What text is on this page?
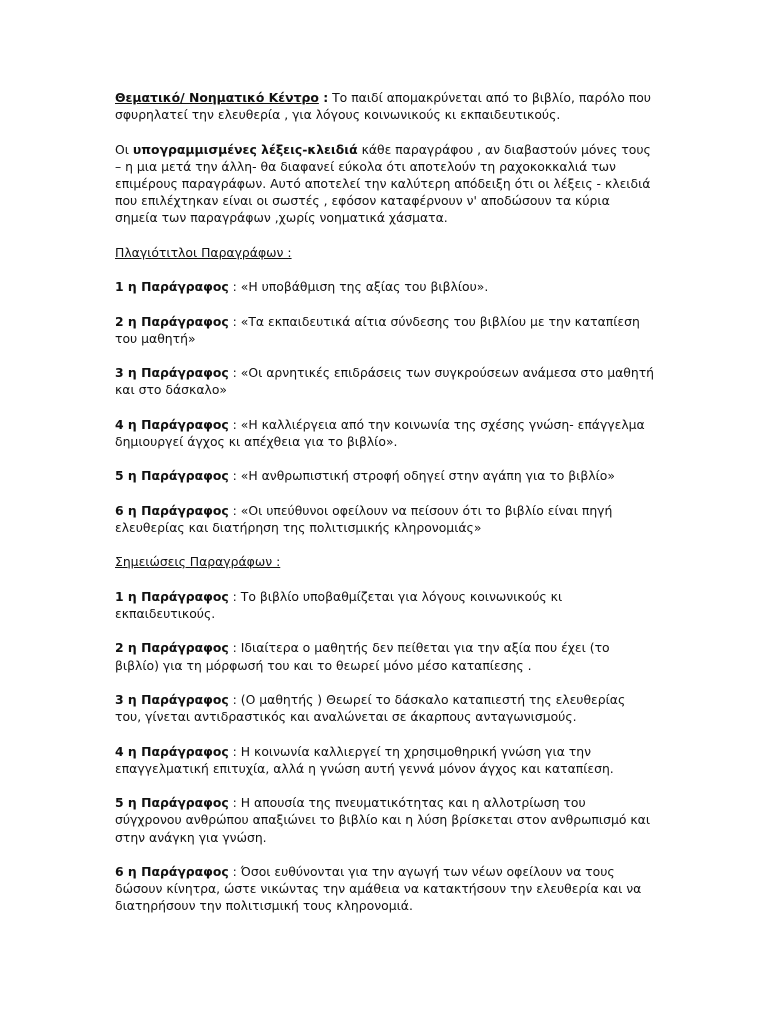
Θεματικό/ Νοηματικό Κέντρο : Το παιδί απομακρύνεται από το βιβλίο, παρόλο που σφυρηλατεί την ελευθερία , για λόγους κοινωνικούς κι εκπαιδευτικούς.

Οι υπογραμμισμένες λέξεις-κλειδιά κάθε παραγράφου , αν διαβαστούν μόνες τους – η μια μετά την άλλη- θα διαφανεί εύκολα ότι αποτελούν τη ραχοκοκκαλιά των επιμέρους παραγράφων. Αυτό αποτελεί την καλύτερη απόδειξη ότι οι λέξεις - κλειδιά που επιλέχτηκαν είναι οι σωστές , εφόσον καταφέρνουν ν' αποδώσουν τα κύρια σημεία των παραγράφων ,χωρίς νοηματικά χάσματα.

Πλαγιότιτλοι Παραγράφων :

1 η Παράγραφος : «Η υποβάθμιση της αξίας του βιβλίου».

2 η Παράγραφος : «Τα εκπαιδευτικά αίτια σύνδεσης του βιβλίου με την καταπίεση του μαθητή»

3 η Παράγραφος : «Οι αρνητικές επιδράσεις των συγκρούσεων ανάμεσα στο μαθητή και στο δάσκαλο»

4 η Παράγραφος : «Η καλλιέργεια από την κοινωνία της σχέσης γνώση- επάγγελμα δημιουργεί άγχος κι απέχθεια για το βιβλίο».

5 η Παράγραφος : «Η ανθρωπιστική στροφή οδηγεί στην αγάπη για το βιβλίο»

6 η Παράγραφος : «Οι υπεύθυνοι οφείλουν να πείσουν ότι το βιβλίο είναι πηγή ελευθερίας και διατήρηση της πολιτισμικής κληρονομιάς»

Σημειώσεις Παραγράφων :

1 η Παράγραφος : Το βιβλίο υποβαθμίζεται για λόγους κοινωνικούς κι εκπαιδευτικούς.

2 η Παράγραφος : Ιδιαίτερα ο μαθητής δεν πείθεται για την αξία που έχει (το βιβλίο) για τη μόρφωσή του και το θεωρεί μόνο μέσο καταπίεσης .

3 η Παράγραφος : (Ο μαθητής ) Θεωρεί το δάσκαλο καταπιεστή της ελευθερίας του, γίνεται αντιδραστικός και αναλώνεται σε άκαρπους ανταγωνισμούς.

4 η Παράγραφος : Η κοινωνία καλλιεργεί τη χρησιμοθηρική γνώση για την επαγγελματική επιτυχία, αλλά η γνώση αυτή γεννά μόνον άγχος και καταπίεση.

5 η Παράγραφος : Η απουσία της πνευματικότητας και η αλλοτρίωση του σύγχρονου ανθρώπου απαξιώνει το βιβλίο και η λύση βρίσκεται στον ανθρωπισμό και στην ανάγκη για γνώση.

6 η Παράγραφος : Όσοι ευθύνονται για την αγωγή των νέων οφείλουν να τους δώσουν κίνητρα, ώστε νικώντας την αμάθεια να κατακτήσουν την ελευθερία και να διατηρήσουν την πολιτισμική τους κληρονομιά.
